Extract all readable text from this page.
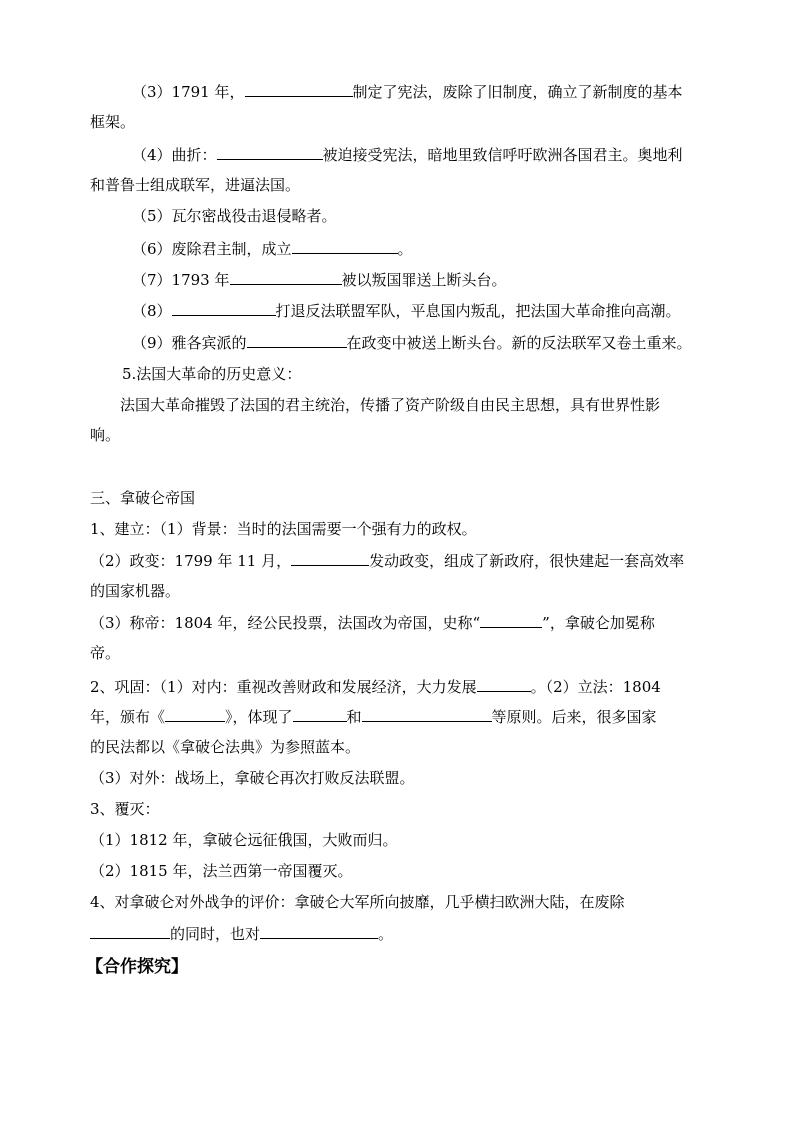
（3）1791 年，	制定了宪法，废除了旧制度，确立了新制度的基本
框架。
（4）曲折：	被迫接受宪法，暗地里致信呼吁欧洲各国君主。奥地利
和普鲁士组成联军，进逼法国。
（5）瓦尔密战役击退侵略者。
（6）废除君主制，成立	。
（7）1793 年	被以叛国罪送上断头台。
（8）	打退反法联盟军队，平息国内叛乱，把法国大革命推向高潮。
（9）雅各宾派的	在政变中被送上断头台。新的反法联军又卷土重来。
5.法国大革命的历史意义：
法国大革命摧毁了法国的君主统治，传播了资产阶级自由民主思想，具有世界性影
响。
三、拿破仑帝国
1、建立：（1）背景：当时的法国需要一个强有力的政权。
（2）政变：1799 年 11 月，	发动政变，组成了新政府，很快建起一套高效率
的国家机器。
（3）称帝：1804 年，经公民投票，法国改为帝国，史称“	”，拿破仑加冕称
帝。
2、巩固：（1）对内：重视改善财政和发展经济，大力发展	。（2）立法：1804
年，颁布《	》，体现了	和	等原则。后来，很多国家
的民法都以《拿破仑法典》为参照蓝本。
（3）对外：战场上，拿破仑再次打败反法联盟。
3、覆灭：
（1）1812 年，拿破仑远征俄国，大败而归。
（2）1815 年，法兰西第一帝国覆灭。
4、对拿破仑对外战争的评价：拿破仑大军所向披靡，几乎横扫欧洲大陆，在废除
的同时，也对	。
【合作探究】
